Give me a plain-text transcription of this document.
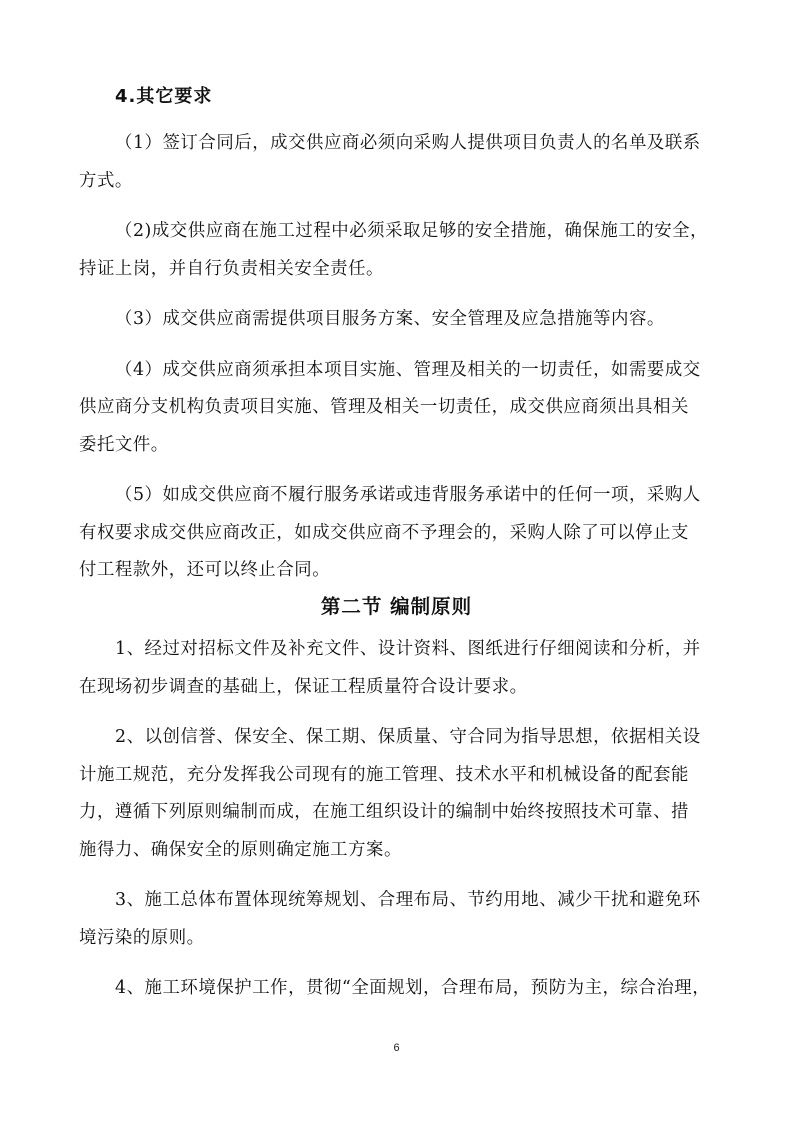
4.其它要求
（1）签订合同后，成交供应商必须向采购人提供项目负责人的名单及联系
方式。
（2)成交供应商在施工过程中必须采取足够的安全措施，确保施工的安全，
持证上岗，并自行负责相关安全责任。
（3）成交供应商需提供项目服务方案、安全管理及应急措施等内容。
（4）成交供应商须承担本项目实施、管理及相关的一切责任，如需要成交
供应商分支机构负责项目实施、管理及相关一切责任，成交供应商须出具相关
委托文件。
（5）如成交供应商不履行服务承诺或违背服务承诺中的任何一项，采购人
有权要求成交供应商改正，如成交供应商不予理会的，采购人除了可以停止支
付工程款外，还可以终止合同。
第二节 编制原则
1、经过对招标文件及补充文件、设计资料、图纸进行仔细阅读和分析，并
在现场初步调查的基础上，保证工程质量符合设计要求。
2、以创信誉、保安全、保工期、保质量、守合同为指导思想，依据相关设
计施工规范，充分发挥我公司现有的施工管理、技术水平和机械设备的配套能
力，遵循下列原则编制而成，在施工组织设计的编制中始终按照技术可靠、措
施得力、确保安全的原则确定施工方案。
3、施工总体布置体现统筹规划、合理布局、节约用地、减少干扰和避免环
境污染的原则。
4、施工环境保护工作，贯彻“全面规划，合理布局，预防为主，综合治理，
6
